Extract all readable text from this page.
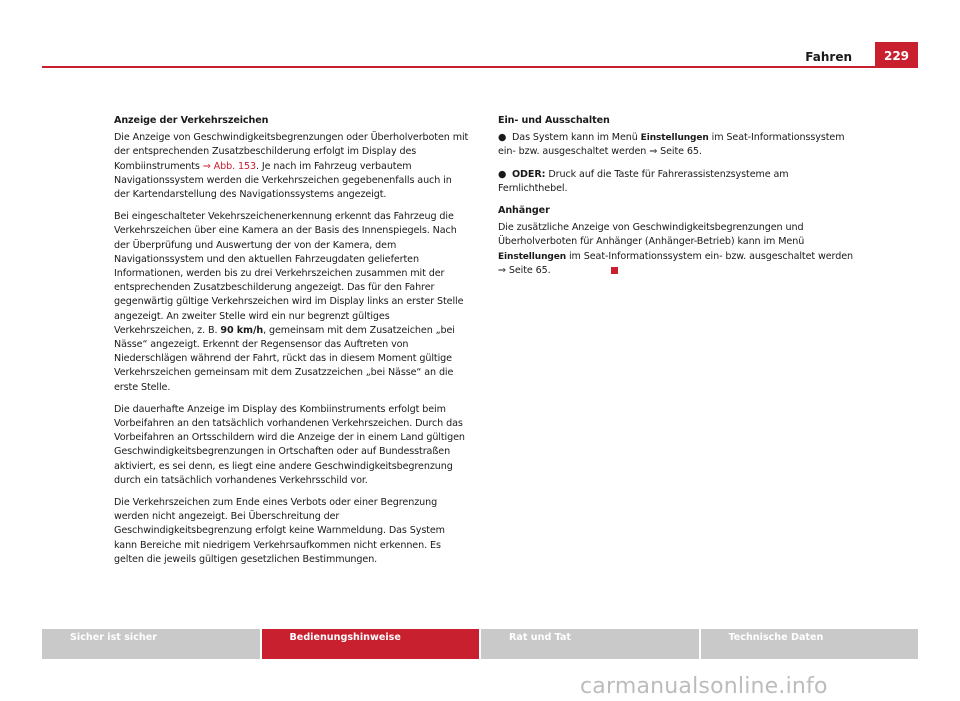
Fahren	229
Anzeige der Verkehrszeichen

Die Anzeige von Geschwindigkeitsbegrenzungen oder Überholverboten mit der entsprechenden Zusatzbeschilderung erfolgt im Display des Kombiinstruments ⇒ Abb. 153. Je nach im Fahrzeug verbautem Navigationssystem werden die Verkehrszeichen gegebenenfalls auch in der Kartendarstellung des Navigationssystems angezeigt.

Bei eingeschalteter Vekehrszeichenerkennung erkennt das Fahrzeug die Verkehrszeichen über eine Kamera an der Basis des Innenspiegels. Nach der Überprüfung und Auswertung der von der Kamera, dem Navigationssystem und den aktuellen Fahrzeugdaten gelieferten Informationen, werden bis zu drei Verkehrszeichen zusammen mit der entsprechenden Zusatzbeschilderung angezeigt. Das für den Fahrer gegenwärtig gültige Verkehrszeichen wird im Display links an erster Stelle angezeigt. An zweiter Stelle wird ein nur begrenzt gültiges Verkehrszeichen, z. B. 90 km/h, gemeinsam mit dem Zusatzeichen „bei Nässe“ angezeigt. Erkennt der Regensensor das Auftreten von Niederschlägen während der Fahrt, rückt das in diesem Moment gültige Verkehrszeichen gemeinsam mit dem Zusatzzeichen „bei Nässe“ an die erste Stelle.

Die dauerhafte Anzeige im Display des Kombiinstruments erfolgt beim Vorbeifahren an den tatsächlich vorhandenen Verkehrszeichen. Durch das Vorbeifahren an Ortsschildern wird die Anzeige der in einem Land gültigen Geschwindigkeitsbegrenzungen in Ortschaften oder auf Bundesstraßen aktiviert, es sei denn, es liegt eine andere Geschwindigkeitsbegrenzung durch ein tatsächlich vorhandenes Verkehrsschild vor.

Die Verkehrszeichen zum Ende eines Verbots oder einer Begrenzung werden nicht angezeigt. Bei Überschreitung der Geschwindigkeitsbegrenzung erfolgt keine Warnmeldung. Das System kann Bereiche mit niedrigem Verkehrsaufkommen nicht erkennen. Es gelten die jeweils gültigen gesetzlichen Bestimmungen.

Ein- und Ausschalten
● Das System kann im Menü Einstellungen im Seat-Informationssystem ein- bzw. ausgeschaltet werden ⇒ Seite 65.
● ODER: Druck auf die Taste für Fahrerassistenzsysteme am Fernlichthebel.
Anhänger

Die zusätzliche Anzeige von Geschwindigkeitsbegrenzungen und Überholverboten für Anhänger (Anhänger-Betrieb) kann im Menü Einstellungen im Seat-Informationssystem ein- bzw. ausgeschaltet werden ⇒ Seite 65.

Sicher ist sicher	Bedienungshinweise	Rat und Tat	Technische Daten
carmanualsonline.info
